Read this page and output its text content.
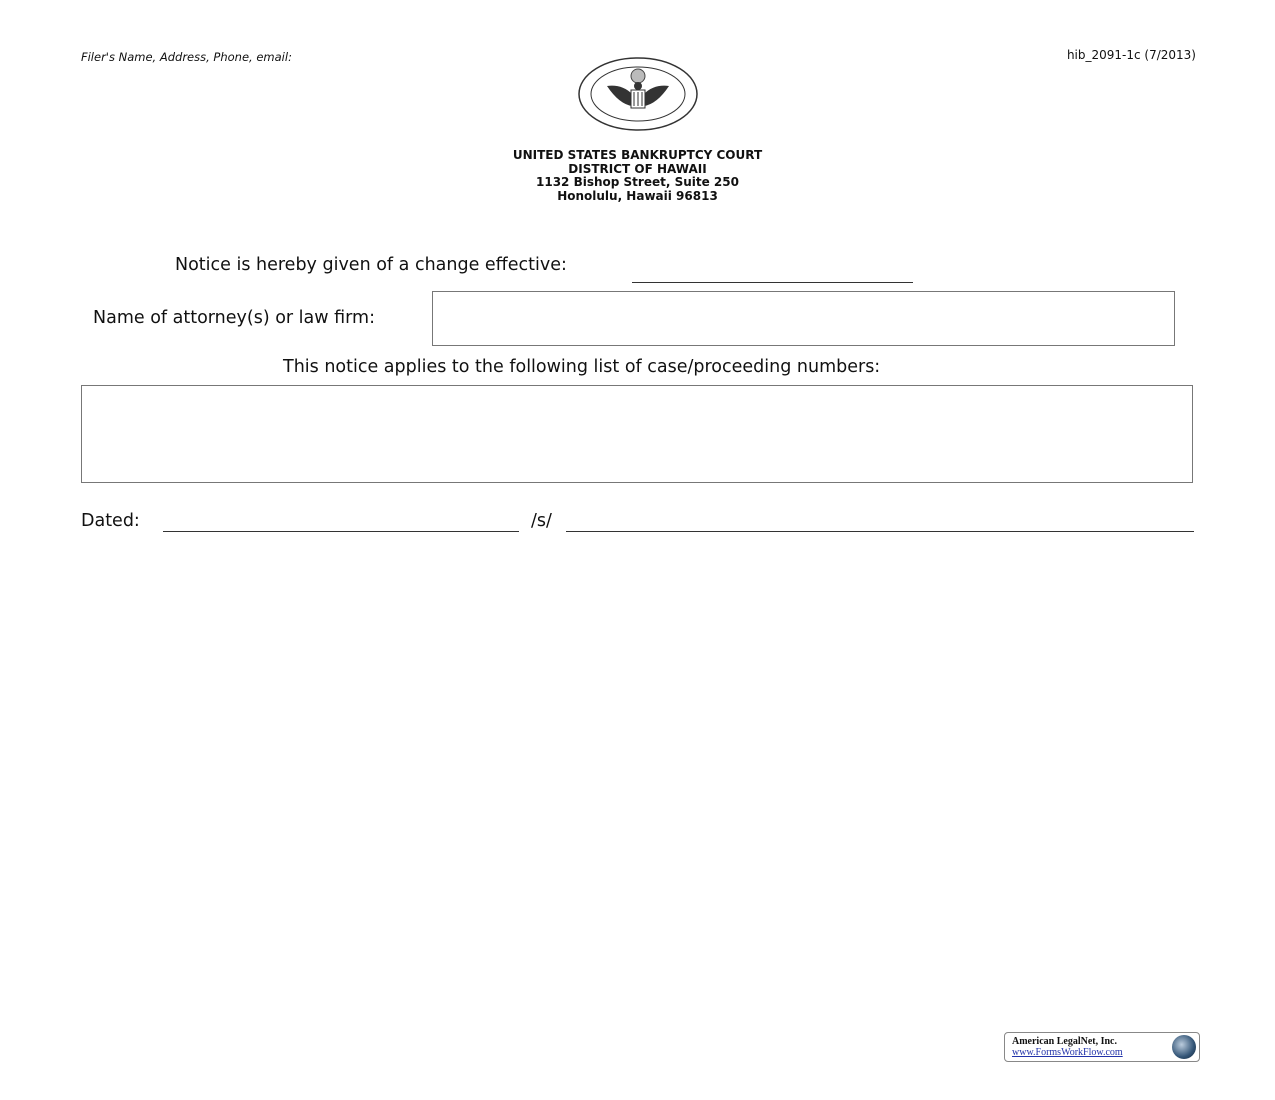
Filer's Name, Address, Phone, email:	hib_2091-1c (7/2013)
UNITED STATES BANKRUPTCY COURT
DISTRICT OF HAWAII
1132 Bishop Street, Suite 250
Honolulu, Hawaii 96813
Notice is hereby given of a change effective:
Name of attorney(s) or law firm:
This notice applies to the following list of case/proceeding numbers:
Dated:	/s/
American LegalNet, Inc.
www.FormsWorkFlow.com
